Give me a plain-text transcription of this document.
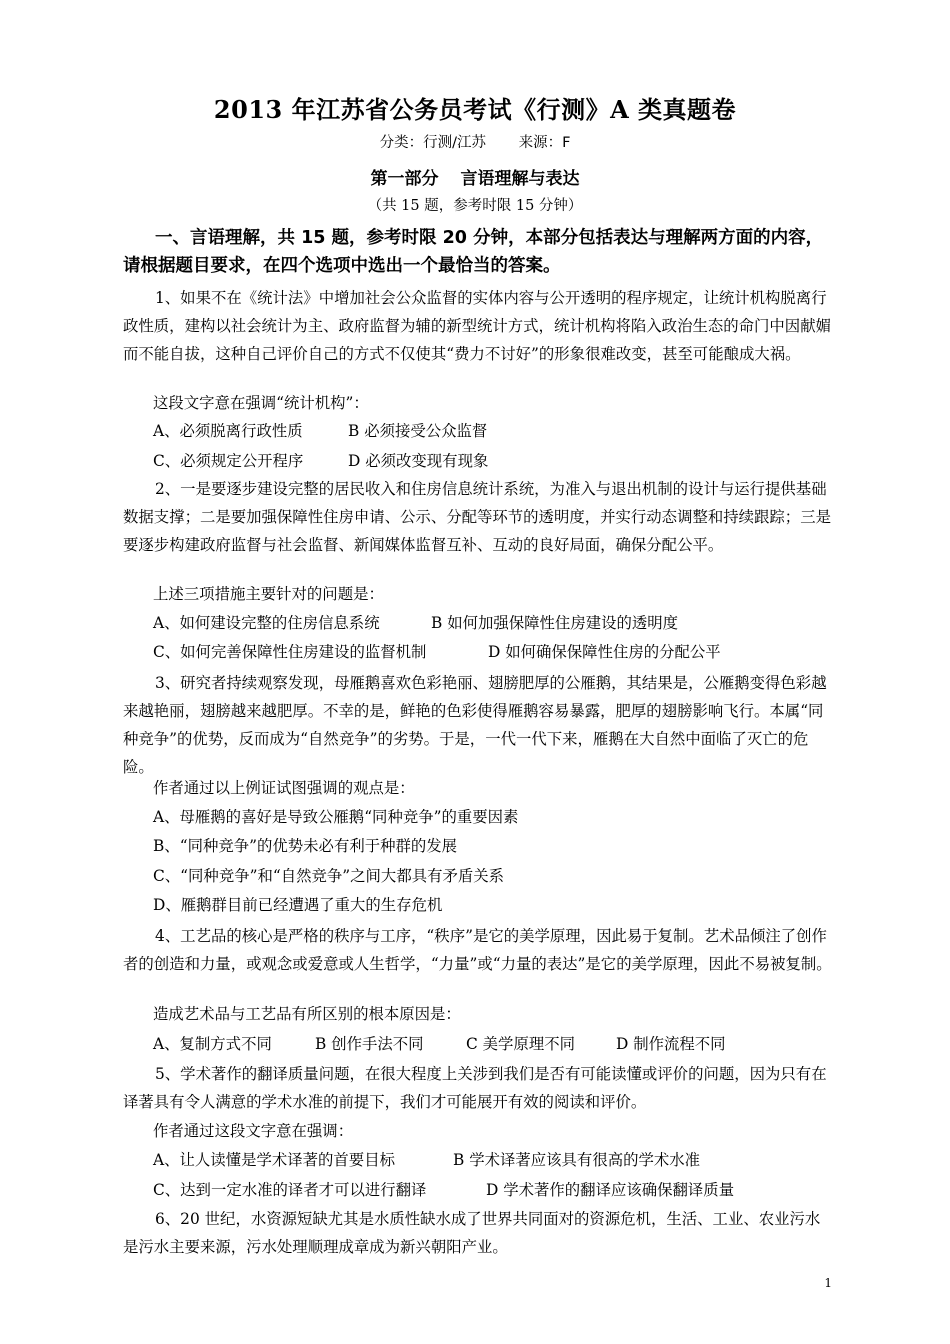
2013 年江苏省公务员考试《行测》A 类真题卷
分类：行测/江苏 来源：F
第一部分 言语理解与表达
（共 15 题，参考时限 15 分钟）
一、言语理解，共 15 题，参考时限 20 分钟，本部分包括表达与理解两方面的内容，请根据题目要求，在四个选项中选出一个最恰当的答案。

1、如果不在《统计法》中增加社会公众监督的实体内容与公开透明的程序规定，让统计机构脱离行政性质，建构以社会统计为主、政府监督为辅的新型统计方式，统计机构将陷入政治生态的命门中因献媚而不能自拔，这种自己评价自己的方式不仅使其“费力不讨好”的形象很难改变，甚至可能酿成大祸。

这段文字意在强调“统计机构”：
A、必须脱离行政性质	B 必须接受公众监督
C、必须规定公开程序	D 必须改变现有现象

2、一是要逐步建设完整的居民收入和住房信息统计系统，为准入与退出机制的设计与运行提供基础数据支撑；二是要加强保障性住房申请、公示、分配等环节的透明度，并实行动态调整和持续跟踪；三是要逐步构建政府监督与社会监督、新闻媒体监督互补、互动的良好局面，确保分配公平。

上述三项措施主要针对的问题是：
A、如何建设完整的住房信息系统	B 如何加强保障性住房建设的透明度
C、如何完善保障性住房建设的监督机制	D 如何确保保障性住房的分配公平

3、研究者持续观察发现，母雁鹅喜欢色彩艳丽、翅膀肥厚的公雁鹅，其结果是，公雁鹅变得色彩越来越艳丽，翅膀越来越肥厚。不幸的是，鲜艳的色彩使得雁鹅容易暴露，肥厚的翅膀影响飞行。本属“同种竞争”的优势，反而成为“自然竞争”的劣势。于是，一代一代下来，雁鹅在大自然中面临了灭亡的危险。

作者通过以上例证试图强调的观点是：
A、母雁鹅的喜好是导致公雁鹅“同种竞争”的重要因素
B、“同种竞争”的优势未必有利于种群的发展
C、“同种竞争”和“自然竞争”之间大都具有矛盾关系
D、雁鹅群目前已经遭遇了重大的生存危机

4、工艺品的核心是严格的秩序与工序，“秩序”是它的美学原理，因此易于复制。艺术品倾注了创作者的创造和力量，或观念或爱意或人生哲学，“力量”或“力量的表达”是它的美学原理，因此不易被复制。

造成艺术品与工艺品有所区别的根本原因是：
A、复制方式不同	B 创作手法不同	C 美学原理不同	D 制作流程不同

5、学术著作的翻译质量问题，在很大程度上关涉到我们是否有可能读懂或评价的问题，因为只有在译著具有令人满意的学术水准的前提下，我们才可能展开有效的阅读和评价。

作者通过这段文字意在强调：
A、让人读懂是学术译著的首要目标	B 学术译著应该具有很高的学术水准
C、达到一定水准的译者才可以进行翻译	D 学术著作的翻译应该确保翻译质量

6、20 世纪，水资源短缺尤其是水质性缺水成了世界共同面对的资源危机，生活、工业、农业污水是污水主要来源，污水处理顺理成章成为新兴朝阳产业。

1
